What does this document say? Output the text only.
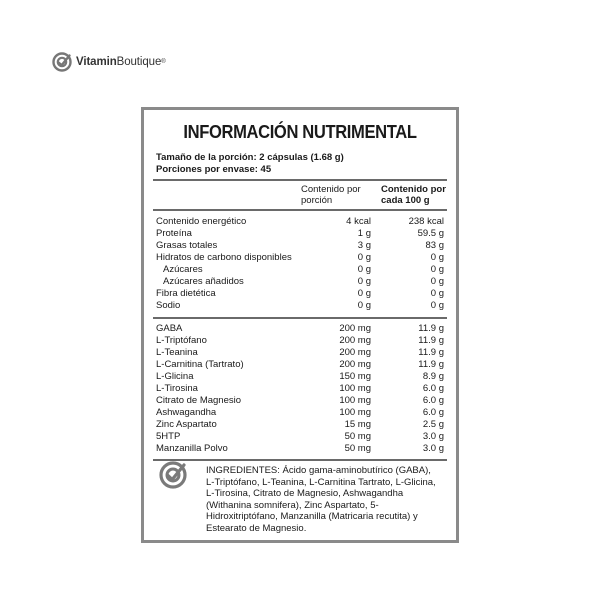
VitaminBoutique®
INFORMACIÓN NUTRIMENTAL
Tamaño de la porción: 2 cápsulas (1.68 g)
Porciones por envase: 45
Contenido por porción
Contenido por cada 100 g
Contenido energético	4 kcal	238 kcal
Proteína	1 g	59.5 g
Grasas totales	3 g	83 g
Hidratos de carbono disponibles	0 g	0 g
Azúcares	0 g	0 g
Azúcares añadidos	0 g	0 g
Fibra dietética	0 g	0 g
Sodio	0 g	0 g
GABA	200 mg	11.9 g
L-Triptófano	200 mg	11.9 g
L-Teanina	200 mg	11.9 g
L-Carnitina (Tartrato)	200 mg	11.9 g
L-Glicina	150 mg	8.9 g
L-Tirosina	100 mg	6.0 g
Citrato de Magnesio	100 mg	6.0 g
Ashwagandha	100 mg	6.0 g
Zinc Aspartato	15 mg	2.5 g
5HTP	50 mg	3.0 g
Manzanilla Polvo	50 mg	3.0 g
INGREDIENTES: Ácido gama-aminobutírico (GABA), L-Triptófano, L-Teanina, L-Carnitina Tartrato, L-Glicina, L-Tirosina, Citrato de Magnesio, Ashwagandha (Withanina somnifera), Zinc Aspartato, 5-Hidroxitriptófano, Manzanilla (Matricaria recutita) y Estearato de Magnesio.
